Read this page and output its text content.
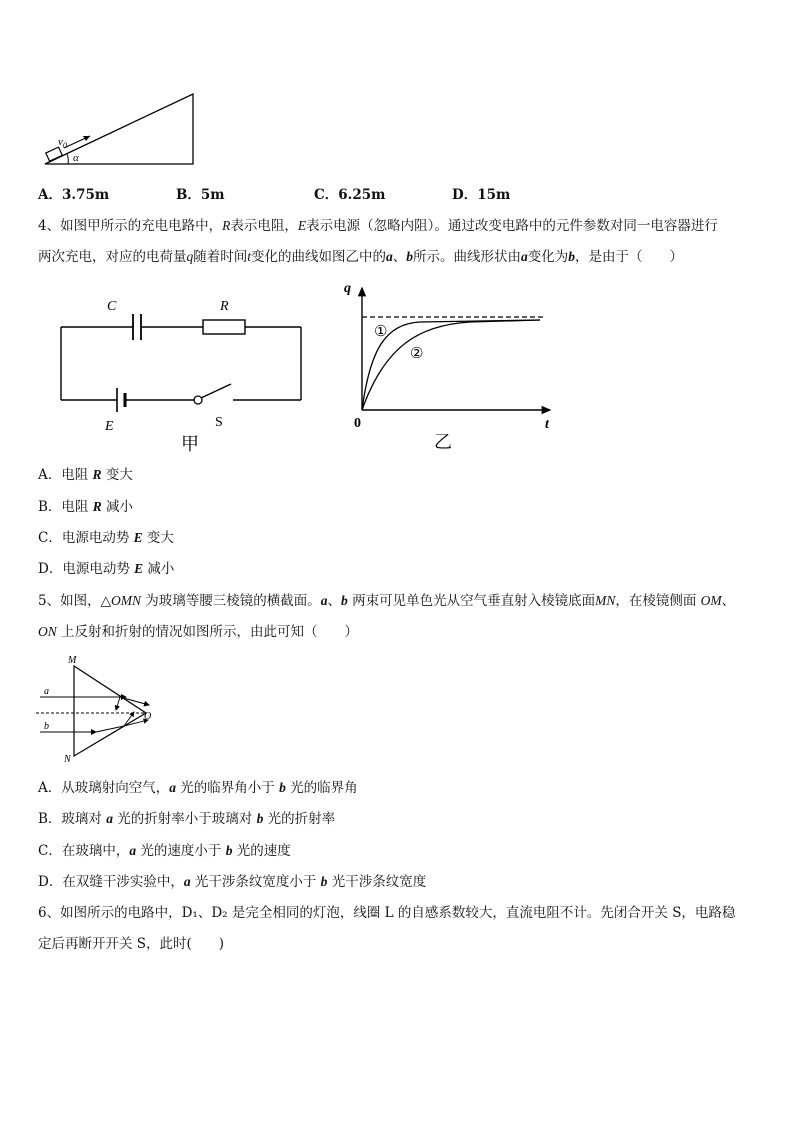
$v_0$
α
A．3.75m	B．5m	C．6.25m	D．15m
4、如图甲所示的充电电路中，R表示电阻，E表示电源（忽略内阻）。通过改变电路中的元件参数对同一电容器进行
两次充电，对应的电荷量q随着时间t变化的曲线如图乙中的a、b所示。曲线形状由a变化为b，是由于（　　）
C	R
E	S
甲
q
t
0
①
②
乙
A．电阻 R 变大
B．电阻 R 减小
C．电源电动势 E 变大
D．电源电动势 E 减小
5、如图，△OMN 为玻璃等腰三棱镜的横截面。a、b 两束可见单色光从空气垂直射入棱镜底面MN，在棱镜侧面 OM、
ON 上反射和折射的情况如图所示，由此可知（　　）
M
N
O
a
b
A．从玻璃射向空气，a 光的临界角小于 b 光的临界角
B．玻璃对 a 光的折射率小于玻璃对 b 光的折射率
C．在玻璃中，a 光的速度小于 b 光的速度
D．在双缝干涉实验中，a 光干涉条纹宽度小于 b 光干涉条纹宽度
6、如图所示的电路中，D₁、D₂ 是完全相同的灯泡，线圈 L 的自感系数较大，直流电阻不计。先闭合开关 S，电路稳
定后再断开开关 S，此时(　　)
